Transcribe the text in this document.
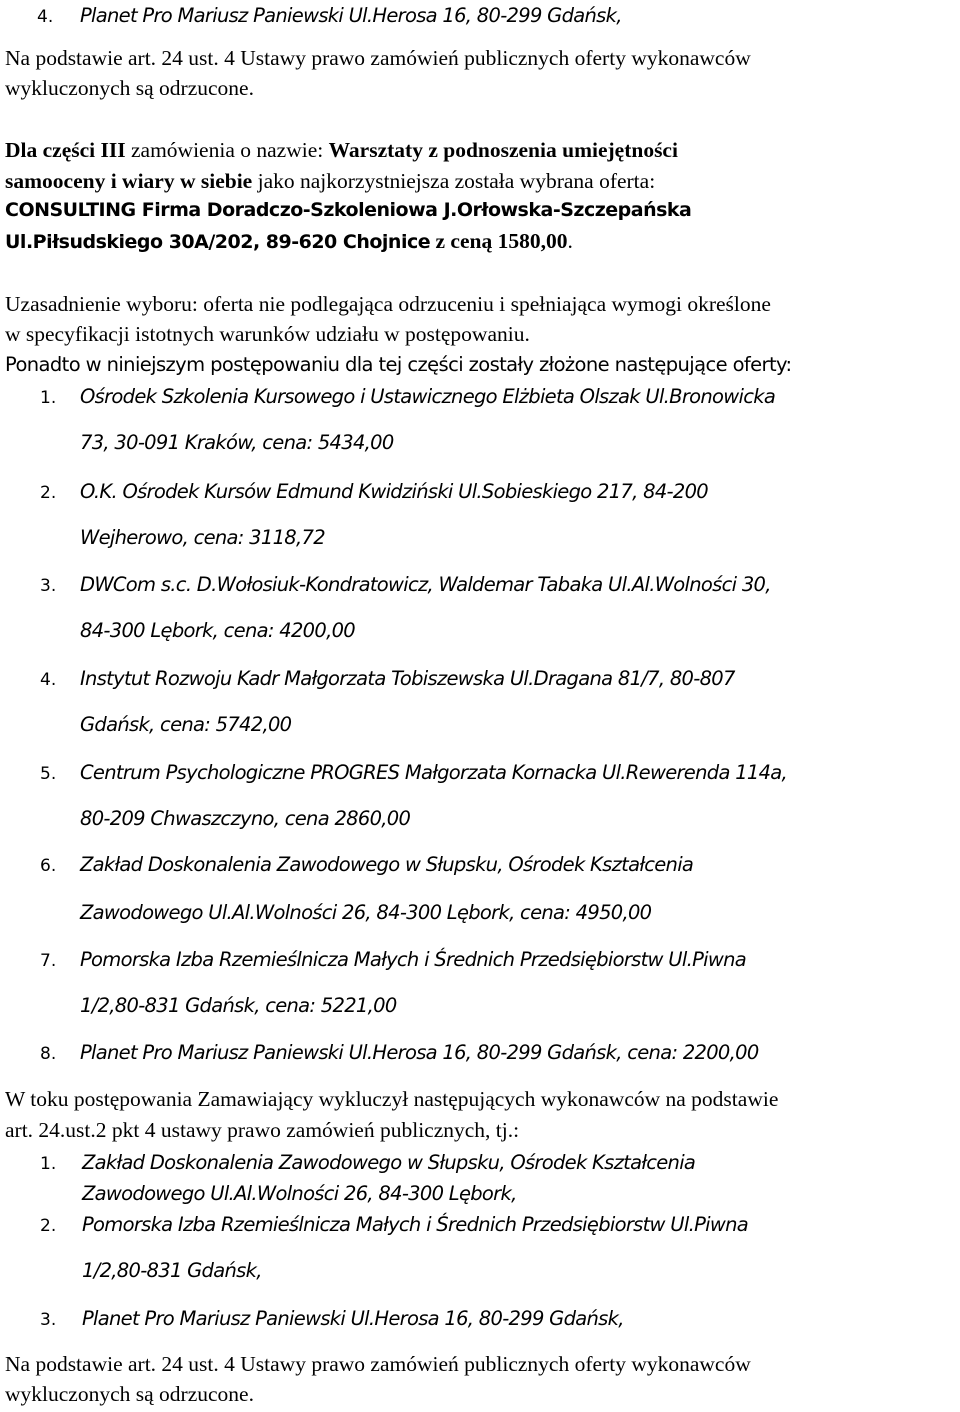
4. Planet Pro Mariusz Paniewski Ul.Herosa 16, 80-299 Gdańsk,
Na podstawie art. 24 ust. 4 Ustawy prawo zamówień publicznych oferty wykonawców
wykluczonych są odrzucone.
Dla części III zamówienia o nazwie: Warsztaty z podnoszenia umiejętności
samooceny i wiary w siebie jako najkorzystniejsza została wybrana oferta:
CONSULTING Firma Doradczo-Szkoleniowa J.Orłowska-Szczepańska
Ul.Piłsudskiego 30A/202, 89-620 Chojnice z ceną 1580,00.
Uzasadnienie wyboru: oferta nie podlegająca odrzuceniu i spełniająca wymogi określone
w specyfikacji istotnych warunków udziału w postępowaniu.
Ponadto w niniejszym postępowaniu dla tej części zostały złożone następujące oferty:
1. Ośrodek Szkolenia Kursowego i Ustawicznego Elżbieta Olszak Ul.Bronowicka
73, 30-091 Kraków, cena: 5434,00
2. O.K. Ośrodek Kursów Edmund Kwidziński Ul.Sobieskiego 217, 84-200
Wejherowo, cena: 3118,72
3. DWCom s.c. D.Wołosiuk-Kondratowicz, Waldemar Tabaka Ul.Al.Wolności 30,
84-300 Lębork, cena: 4200,00
4. Instytut Rozwoju Kadr Małgorzata Tobiszewska Ul.Dragana 81/7, 80-807
Gdańsk, cena: 5742,00
5. Centrum Psychologiczne PROGRES Małgorzata Kornacka Ul.Rewerenda 114a,
80-209 Chwaszczyno, cena 2860,00
6. Zakład Doskonalenia Zawodowego w Słupsku, Ośrodek Kształcenia
Zawodowego Ul.Al.Wolności 26, 84-300 Lębork, cena: 4950,00
7. Pomorska Izba Rzemieślnicza Małych i Średnich Przedsiębiorstw Ul.Piwna
1/2,80-831 Gdańsk, cena: 5221,00
8. Planet Pro Mariusz Paniewski Ul.Herosa 16, 80-299 Gdańsk, cena: 2200,00
W toku postępowania Zamawiający wykluczył następujących wykonawców na podstawie
art. 24.ust.2 pkt 4 ustawy prawo zamówień publicznych, tj.:
1. Zakład Doskonalenia Zawodowego w Słupsku, Ośrodek Kształcenia
Zawodowego Ul.Al.Wolności 26, 84-300 Lębork,
2. Pomorska Izba Rzemieślnicza Małych i Średnich Przedsiębiorstw Ul.Piwna
1/2,80-831 Gdańsk,
3. Planet Pro Mariusz Paniewski Ul.Herosa 16, 80-299 Gdańsk,
Na podstawie art. 24 ust. 4 Ustawy prawo zamówień publicznych oferty wykonawców
wykluczonych są odrzucone.
